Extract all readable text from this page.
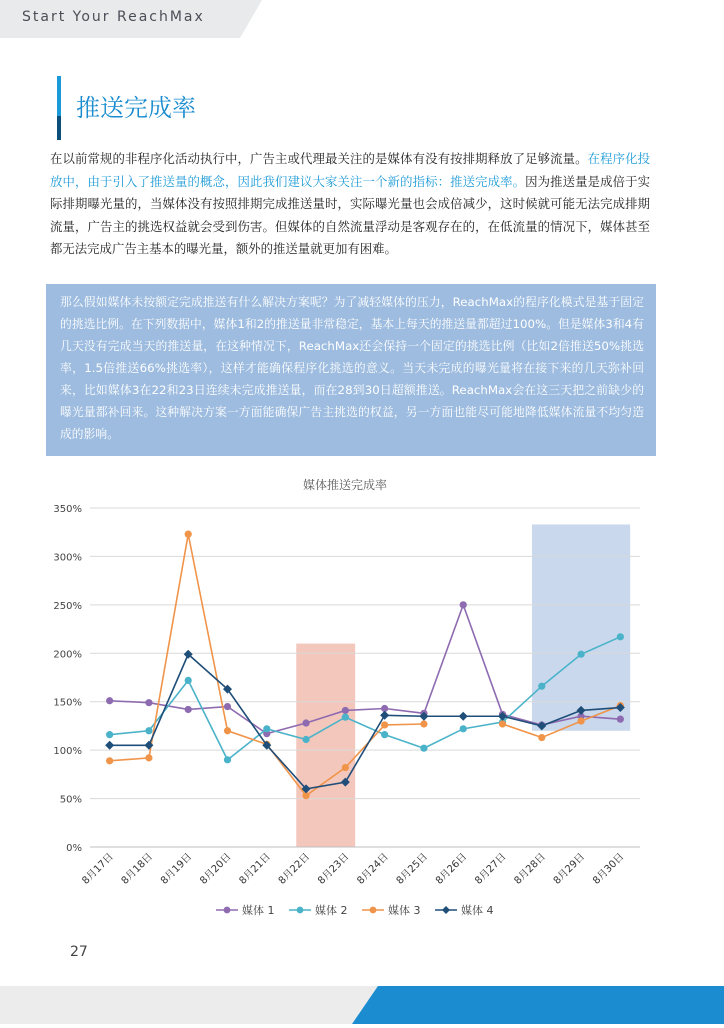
Start Your ReachMax
推送完成率
在以前常规的非程序化活动执行中，广告主或代理最关注的是媒体有没有按排期释放了足够流量。在程序化投放中，由于引入了推送量的概念，因此我们建议大家关注一个新的指标：推送完成率。因为推送量是成倍于实际排期曝光量的，当媒体没有按照排期完成推送量时，实际曝光量也会成倍减少，这时候就可能无法完成排期流量，广告主的挑选权益就会受到伤害。但媒体的自然流量浮动是客观存在的，在低流量的情况下，媒体甚至都无法完成广告主基本的曝光量，额外的推送量就更加有困难。

那么假如媒体未按额定完成推送有什么解决方案呢？为了减轻媒体的压力，ReachMax的程序化模式是基于固定的挑选比例。在下列数据中，媒体1和2的推送量非常稳定，基本上每天的推送量都超过100%。但是媒体3和4有几天没有完成当天的推送量，在这种情况下，ReachMax还会保持一个固定的挑选比例（比如2倍推送50%挑选率，1.5倍推送66%挑选率），这样才能确保程序化挑选的意义。当天未完成的曝光量将在接下来的几天弥补回来，比如媒体3在22和23日连续未完成推送量，而在28到30日超额推送。ReachMax会在这三天把之前缺少的曝光量都补回来。这种解决方案一方面能确保广告主挑选的权益，另一方面也能尽可能地降低媒体流量不均匀造成的影响。

媒体推送完成率
0%
50%
100%
150%
200%
250%
300%
350%
8月17日 8月18日 8月19日 8月20日 8月21日 8月22日 8月23日 8月24日 8月25日 8月26日 8月27日 8月28日 8月29日 8月30日
媒体 1	媒体 2	媒体 3	媒体 4
27
